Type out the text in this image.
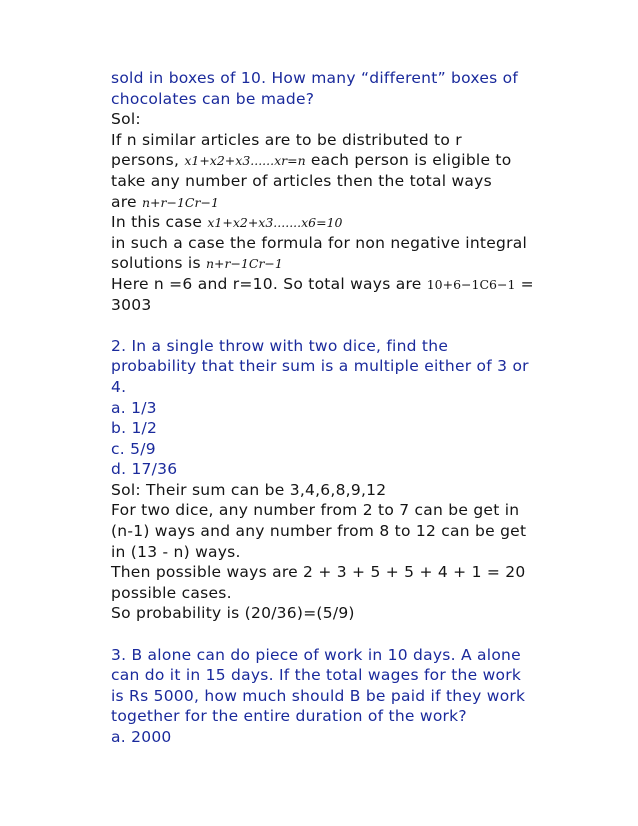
sold in boxes of 10. How many “different” boxes of
chocolates can be made?
Sol:
If n similar articles are to be distributed to r
persons, x1+x2+x3......xr=n each person is eligible to
take any number of articles then the total ways
are n+r−1Cr−1
In this case x1+x2+x3.......x6=10
in such a case the formula for non negative integral
solutions is n+r−1Cr−1
Here n =6 and r=10. So total ways are 10+6−1C6−1 =
3003
2. In a single throw with two dice, find the
probability that their sum is a multiple either of 3 or
4.
a. 1/3
b. 1/2
c. 5/9
d. 17/36
Sol: Their sum can be 3,4,6,8,9,12
For two dice, any number from 2 to 7 can be get in
(n-1) ways and any number from 8 to 12 can be get
in (13 - n) ways.
Then possible ways are 2 + 3 + 5 + 5 + 4 + 1 = 20
possible cases.
So probability is (20/36)=(5/9)
3. B alone can do piece of work in 10 days. A alone
can do it in 15 days. If the total wages for the work
is Rs 5000, how much should B be paid if they work
together for the entire duration of the work?
a. 2000
